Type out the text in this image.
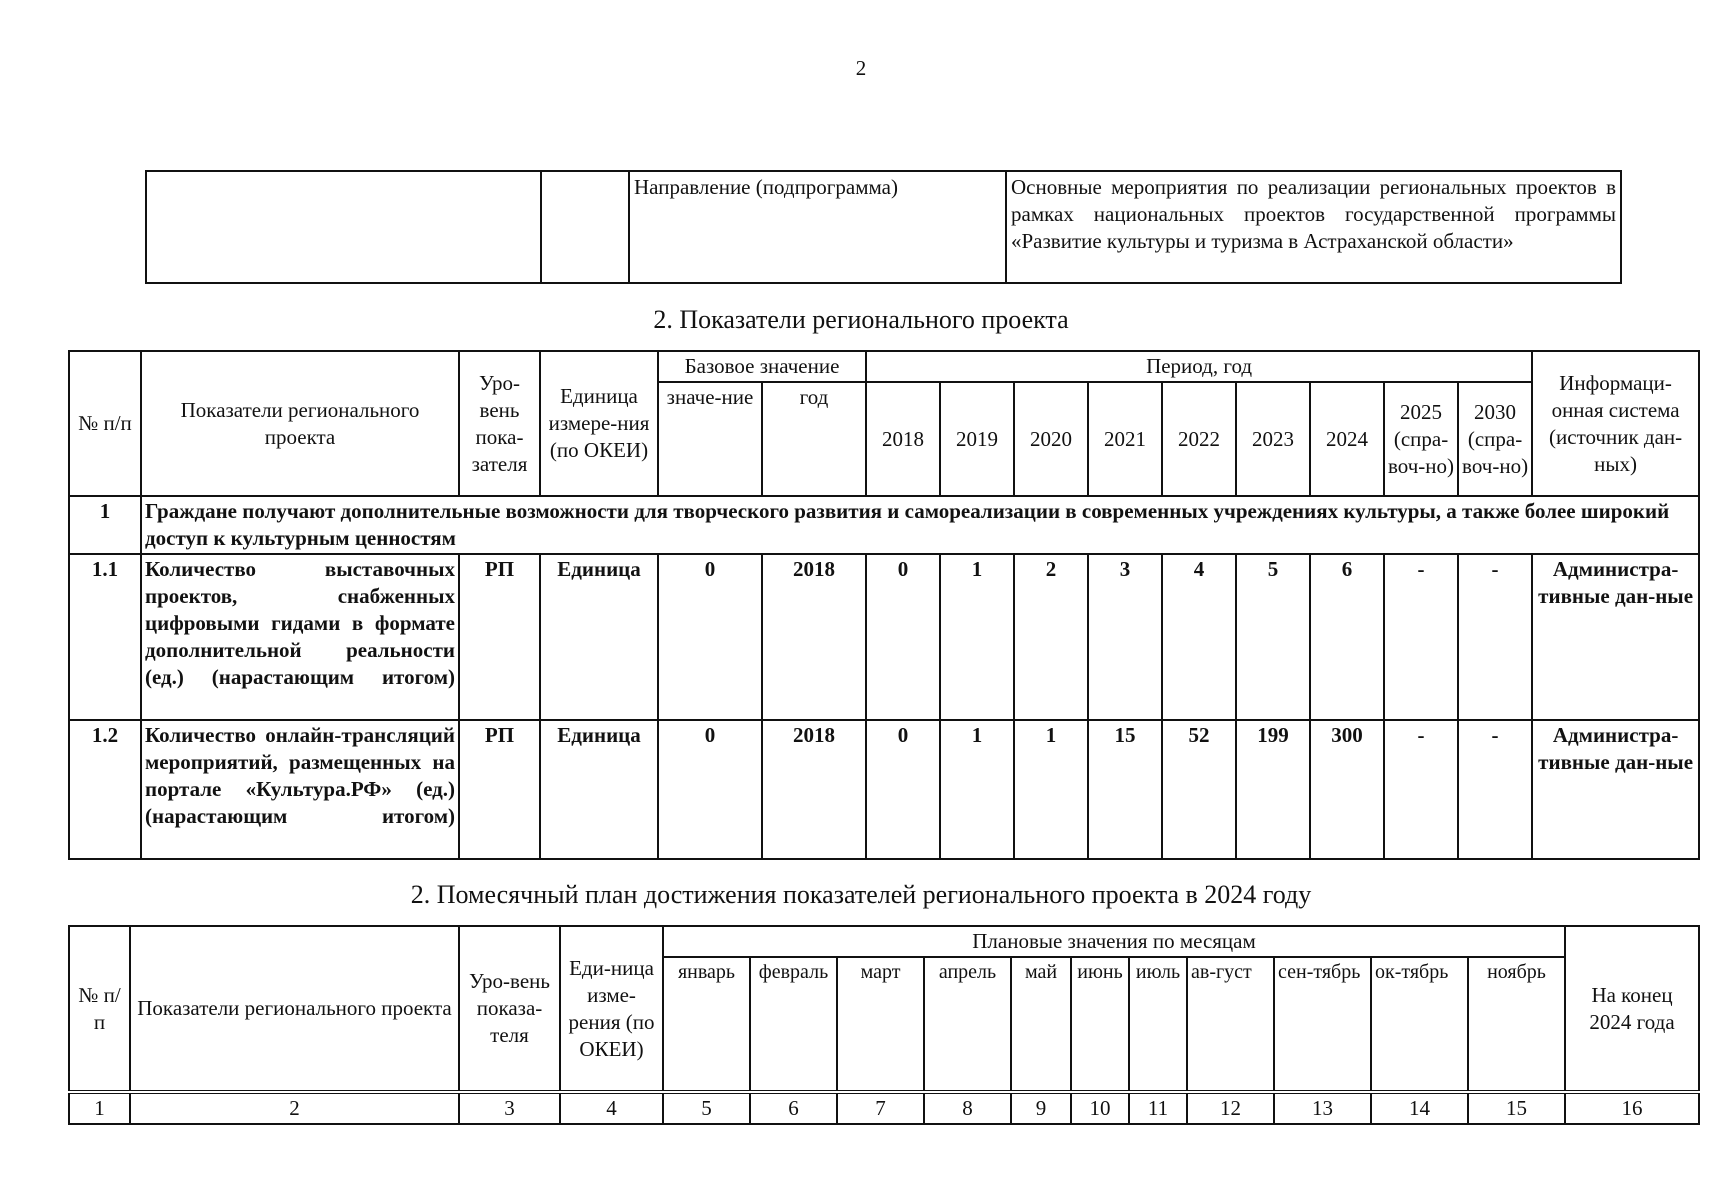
2
		Направление (подпрограмма)	Основные мероприятия по реализации региональных проектов в рамках национальных проектов государственной программы «Развитие культуры и туризма в Астраханской области»
2. Показатели регионального проекта
№ п/п	Показатели регионального проекта	Уро-вень пока-зателя	Единица измере-ния (по ОКЕИ)	Базовое значение		Период, год									Информаци-онная система (источник дан-ных)
				значе-ние	год	2018	2019	2020	2021	2022	2023	2024	2025 (спра-воч-но)	2030 (спра-воч-но)	
1	Граждане получают дополнительные возможности для творческого развития и самореализации в современных учреждениях культуры, а также более широкий доступ к культурным ценностям														
1.1	Количество выставочных проектов, снабженных цифровыми гидами в формате дополнительной реальности (ед.) (нарастающим итогом)	РП	Единица	0	2018	0	1	2	3	4	5	6	-	-	Администра-тивные дан-ные
1.2	Количество онлайн-трансляций мероприятий, размещенных на портале «Культура.РФ» (ед.) (нарастающим итогом)	РП	Единица	0	2018	0	1	1	15	52	199	300	-	-	Администра-тивные дан-ные
2. Помесячный план достижения показателей регионального проекта в 2024 году
№ п/п	Показатели регионального проекта	Уро-вень показа-теля	Еди-ница изме-рения (по ОКЕИ)	Плановые значения по месяцам											На конец 2024 года
				январь	февраль	март	апрель	май	июнь	июль	ав-густ	сен-тябрь	ок-тябрь	ноябрь	
1	2	3	4	5	6	7	8	9	10	11	12	13	14	15	16
